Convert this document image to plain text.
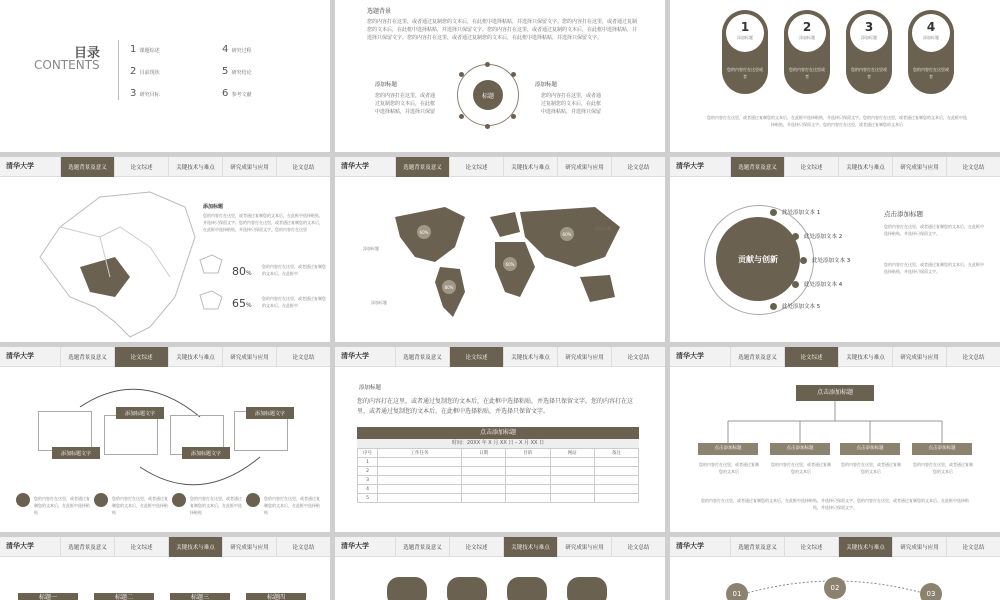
目录
CONTENTS
1 课题综述
2 目前现状
3 研究目标
4 研究过程
5 研究结论
6 参考文献
选题背景
您的内容打在这里，或者通过复制您的文本后，在此框中选择粘贴，并选择只保留文字。您的内容打在这里，或者通过复制您的文本后，在此框中选择粘贴，并选择只保留文字。您的内容打在这里，或者通过复制的文本后，在此框中选择粘贴，并选择只保留文字。您的内容打在这里，或者通过复制您的文本后，在此框中选择粘贴，并选择只保留文字。
添加标题
您的内容打在这里，或者通过复制您的文本后，在此框中选择粘贴，并选择只保留
标题
添加标题
您的内容打在这里，或者通过复制您的文本后，在此框中选择粘贴，并选择只保留
1
添加标题
2
添加标题
3
添加标题
4
添加标题
您的内容打在这里或者
您的内容打在这里或者
您的内容打在这里或者
您的内容打在这里或者
您的内容打在这里，或者通过复制您的文本后，在此框中选择粘贴，并选择只保留文字。您的内容打在这里，或者通过复制您的文本后，在此框中选择粘贴，并选择只保留文字。您的内容打在这里，或者通过复制您的文本后
清华大学	选题背景及意义	论文综述	关键技术与难点	研究成果与应用	论文总结
添加标题
您的内容打在这里，或者通过复制您的文本后，在此框中选择粘贴，并选择只保留文字。您的内容打在这里，或者通过复制您的文本后，在此框中选择粘贴，并选择只保留文字。您的内容打在这里
80%
您的内容打在这里，或者通过复制您的文本后，在此框中
65%
您的内容打在这里，或者通过复制您的文本后，在此框中
清华大学	选题背景及意义	论文综述	关键技术与难点	研究成果与应用	论文总结
60%
80%
60%
60%
添加标题
添加标题
添加标题
清华大学	选题背景及意义	论文综述	关键技术与难点	研究成果与应用	论文总结
贡献与创新
此处添加文本 1
此处添加文本 2
此处添加文本 3
此处添加文本 4
此处添加文本 5
点击添加标题
您的内容打在这里，或者通过复制您的文本后，在此框中选择粘贴，并选择只保留文字。
您的内容打在这里，或者通过复制您的文本后，在此框中选择粘贴，并选择只保留文字。
清华大学	选题背景及意义	论文综述	关键技术与难点	研究成果与应用	论文总结
添加标题文字
添加标题文字
添加标题文字
添加标题文字
您的内容打在这里，或者通过复制您的文本后，在此框中选择粘贴
您的内容打在这里，或者通过复制您的文本后，在此框中选择粘贴
您的内容打在这里，或者通过复制您的文本后，在此框中选择粘贴
您的内容打在这里，或者通过复制您的文本后，在此框中选择粘贴
清华大学	选题背景及意义	论文综述	关键技术与难点	研究成果与应用	论文总结
添加标题
您的内容打在这里，或者通过复制您的文本后，在此框中选择粘贴，并选择只保留文字。您的内容打在这里，或者通过复制您的文本后，在此框中选择粘贴，并选择只保留文字。
点击添加标题
时间：20XX 年 X 月 XX 日 – X 月 XX 日
序号	工作任务	日期	目的	网站	备注
1					
2					
3					
4					
5					
清华大学	选题背景及意义	论文综述	关键技术与难点	研究成果与应用	论文总结
点击添加标题
点击添加标题	点击添加标题	点击添加标题	点击添加标题
您的内容打在这里，或者通过复制您的文本后
您的内容打在这里，或者通过复制您的文本后
您的内容打在这里，或者通过复制您的文本后
您的内容打在这里，或者通过复制您的文本后
您的内容打在这里，或者通过复制您的文本后，在此框中选择粘贴，并选择只保留文字。您的内容打在这里，或者通过复制您的文本后，在此框中选择粘贴，并选择只保留文字。
清华大学	选题背景及意义	论文综述	关键技术与难点	研究成果与应用	论文总结
标题一	标题二	标题三	标题四
清华大学	选题背景及意义	论文综述	关键技术与难点	研究成果与应用	论文总结	清华大学	选题背景及意义	论文综述	关键技术与难点	研究成果与应用	论文总结
01
02
03
